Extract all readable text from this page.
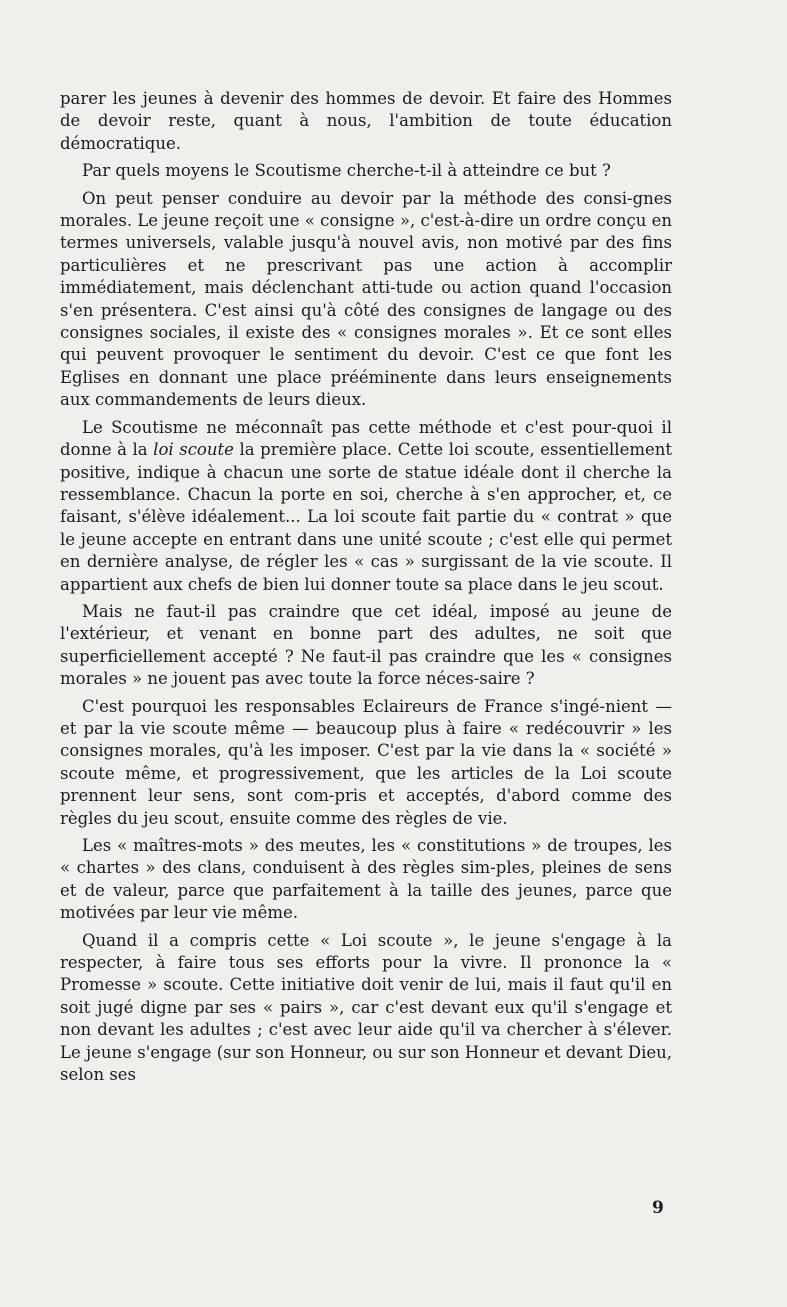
parer les jeunes à devenir des hommes de devoir. Et faire des Hommes de devoir reste, quant à nous, l'ambition de toute éducation démocratique.

Par quels moyens le Scoutisme cherche-t-il à atteindre ce but ?

On peut penser conduire au devoir par la méthode des consi-gnes morales. Le jeune reçoit une « consigne », c'est-à-dire un ordre conçu en termes universels, valable jusqu'à nouvel avis, non motivé par des fins particulières et ne prescrivant pas une action à accomplir immédiatement, mais déclenchant atti-tude ou action quand l'occasion s'en présentera. C'est ainsi qu'à côté des consignes de langage ou des consignes sociales, il existe des « consignes morales ». Et ce sont elles qui peuvent provoquer le sentiment du devoir. C'est ce que font les Eglises en donnant une place prééminente dans leurs enseignements aux commandements de leurs dieux.

Le Scoutisme ne méconnaît pas cette méthode et c'est pour-quoi il donne à la loi scoute la première place. Cette loi scoute, essentiellement positive, indique à chacun une sorte de statue idéale dont il cherche la ressemblance. Chacun la porte en soi, cherche à s'en approcher, et, ce faisant, s'élève idéalement... La loi scoute fait partie du « contrat » que le jeune accepte en entrant dans une unité scoute ; c'est elle qui permet en dernière analyse, de régler les « cas » surgissant de la vie scoute. Il appartient aux chefs de bien lui donner toute sa place dans le jeu scout.

Mais ne faut-il pas craindre que cet idéal, imposé au jeune de l'extérieur, et venant en bonne part des adultes, ne soit que superficiellement accepté ? Ne faut-il pas craindre que les « consignes morales » ne jouent pas avec toute la force néces-saire ?

C'est pourquoi les responsables Eclaireurs de France s'ingé-nient — et par la vie scoute même — beaucoup plus à faire « redécouvrir » les consignes morales, qu'à les imposer. C'est par la vie dans la « société » scoute même, et progressivement, que les articles de la Loi scoute prennent leur sens, sont com-pris et acceptés, d'abord comme des règles du jeu scout, ensuite comme des règles de vie.

Les « maîtres-mots » des meutes, les « constitutions » de troupes, les « chartes » des clans, conduisent à des règles sim-ples, pleines de sens et de valeur, parce que parfaitement à la taille des jeunes, parce que motivées par leur vie même.

Quand il a compris cette « Loi scoute », le jeune s'engage à la respecter, à faire tous ses efforts pour la vivre. Il prononce la « Promesse » scoute. Cette initiative doit venir de lui, mais il faut qu'il en soit jugé digne par ses « pairs », car c'est devant eux qu'il s'engage et non devant les adultes ; c'est avec leur aide qu'il va chercher à s'élever. Le jeune s'engage (sur son Honneur, ou sur son Honneur et devant Dieu, selon ses

9
